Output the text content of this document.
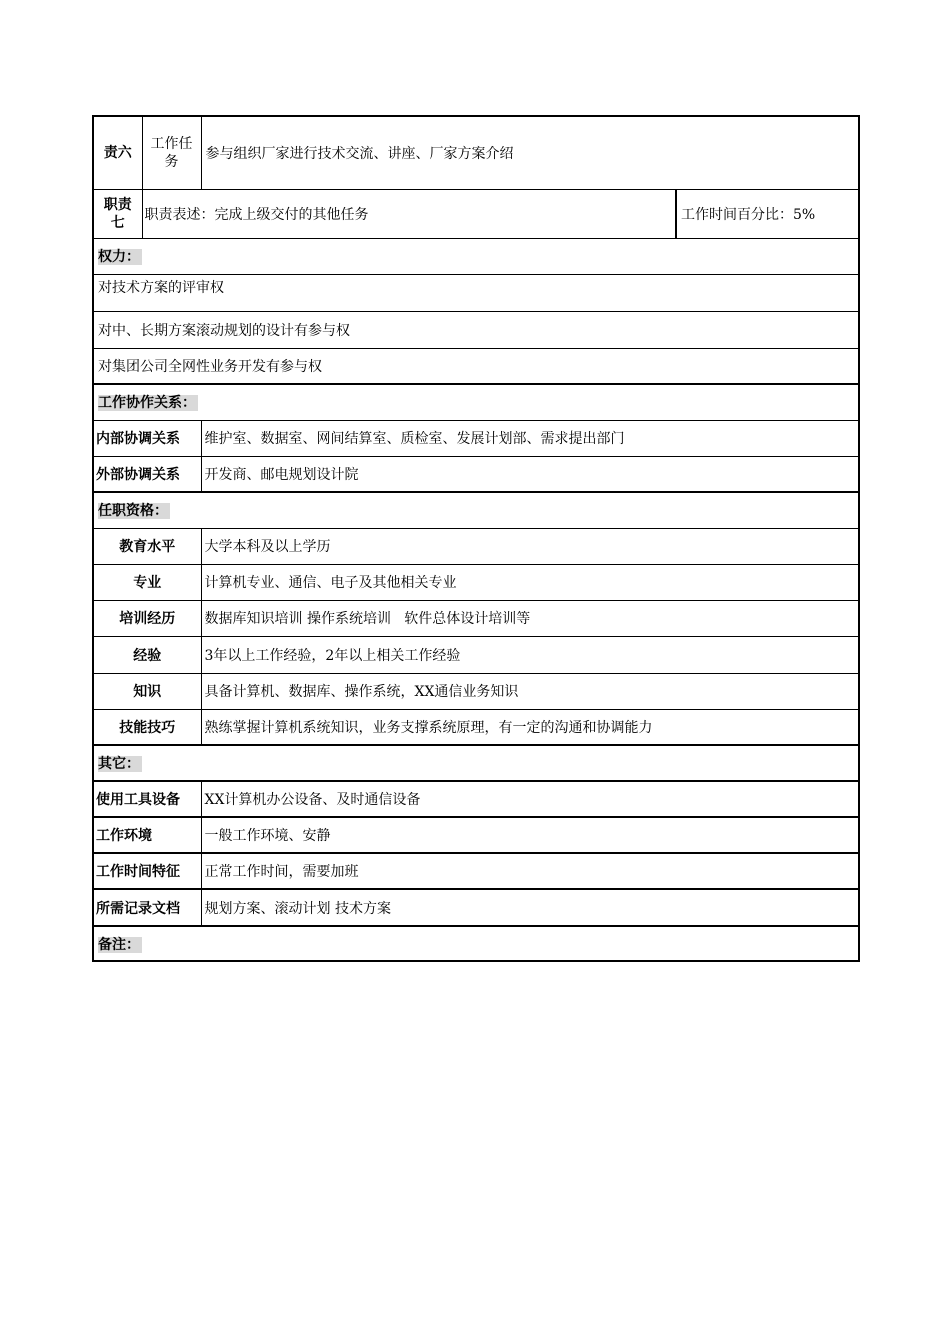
责六	工作任务	参与组织厂家进行技术交流、讲座、厂家方案介绍	
职责七	职责表述：完成上级交付的其他任务		工作时间百分比：5%
权力：			
对技术方案的评审权			
对中、长期方案滚动规划的设计有参与权			
对集团公司全网性业务开发有参与权			
工作协作关系：			
内部协调关系		维护室、数据室、网间结算室、质检室、发展计划部、需求提出部门	
外部协调关系		开发商、邮电规划设计院	
任职资格：			
教育水平		大学本科及以上学历	
专业		计算机专业、通信、电子及其他相关专业	
培训经历		数据库知识培训 操作系统培训   软件总体设计培训等	
经验		3年以上工作经验，2年以上相关工作经验	
知识		具备计算机、数据库、操作系统，XX通信业务知识	
技能技巧		熟练掌握计算机系统知识，业务支撑系统原理，有一定的沟通和协调能力	
其它：			
使用工具设备		XX计算机办公设备、及时通信设备	
工作环境		一般工作环境、安静	
工作时间特征		正常工作时间，需要加班	
所需记录文档		规划方案、滚动计划 技术方案	
备注：			
